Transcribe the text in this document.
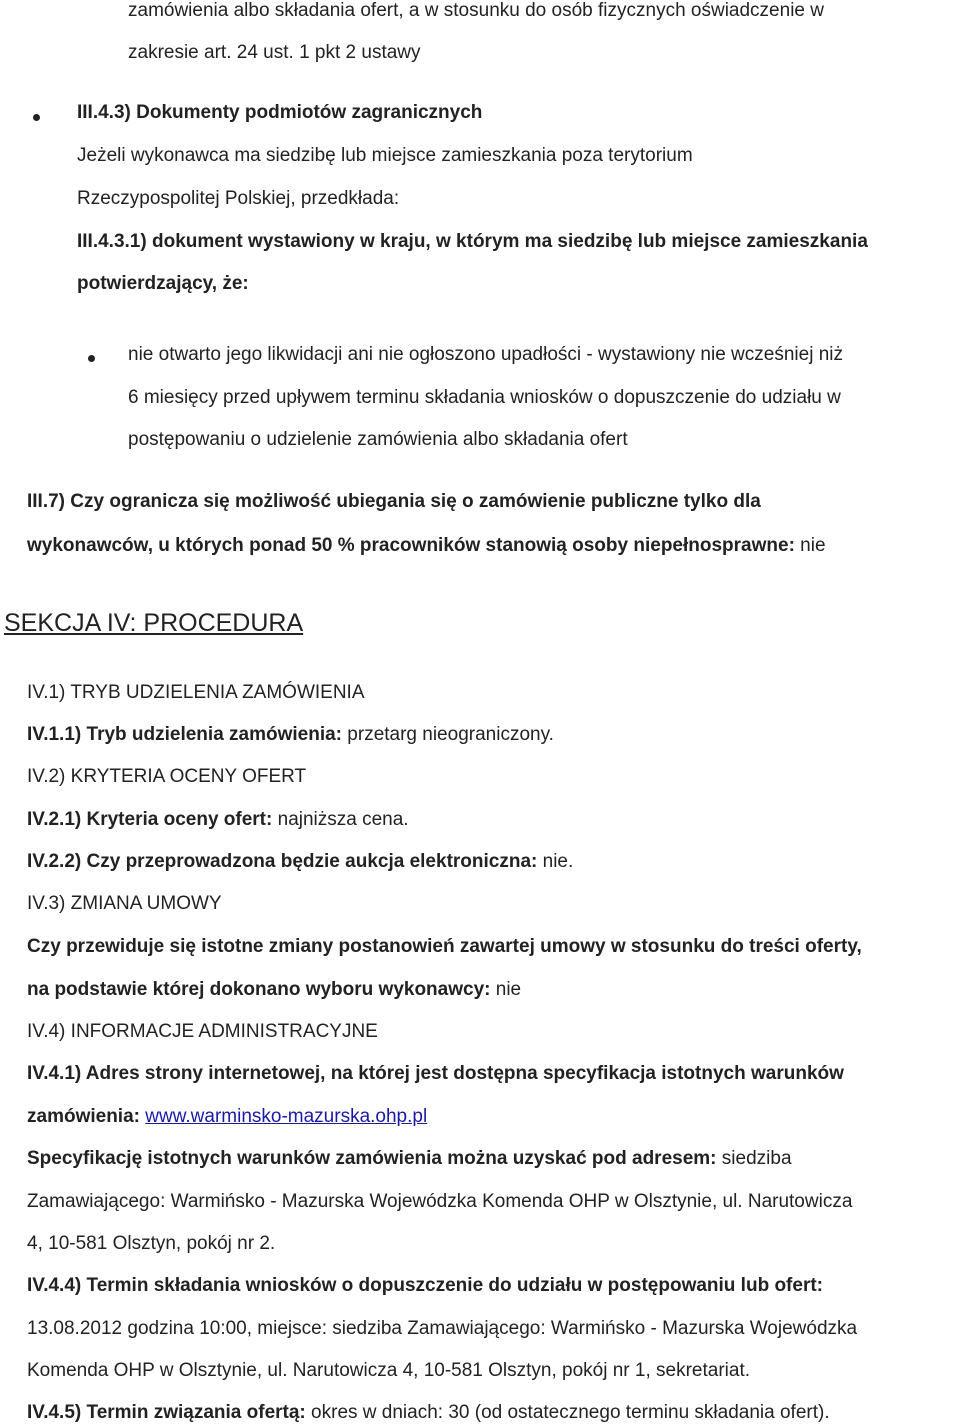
zamówienia albo składania ofert, a w stosunku do osób fizycznych oświadczenie w
zakresie art. 24 ust. 1 pkt 2 ustawy
III.4.3) Dokumenty podmiotów zagranicznych
Jeżeli wykonawca ma siedzibę lub miejsce zamieszkania poza terytorium
Rzeczypospolitej Polskiej, przedkłada:
III.4.3.1) dokument wystawiony w kraju, w którym ma siedzibę lub miejsce zamieszkania
potwierdzający, że:
nie otwarto jego likwidacji ani nie ogłoszono upadłości - wystawiony nie wcześniej niż
6 miesięcy przed upływem terminu składania wniosków o dopuszczenie do udziału w
postępowaniu o udzielenie zamówienia albo składania ofert
III.7) Czy ogranicza się możliwość ubiegania się o zamówienie publiczne tylko dla
wykonawców, u których ponad 50 % pracowników stanowią osoby niepełnosprawne: nie
SEKCJA IV: PROCEDURA
IV.1) TRYB UDZIELENIA ZAMÓWIENIA
IV.1.1) Tryb udzielenia zamówienia: przetarg nieograniczony.
IV.2) KRYTERIA OCENY OFERT
IV.2.1) Kryteria oceny ofert: najniższa cena.
IV.2.2) Czy przeprowadzona będzie aukcja elektroniczna: nie.
IV.3) ZMIANA UMOWY
Czy przewiduje się istotne zmiany postanowień zawartej umowy w stosunku do treści oferty,
na podstawie której dokonano wyboru wykonawcy: nie
IV.4) INFORMACJE ADMINISTRACYJNE
IV.4.1) Adres strony internetowej, na której jest dostępna specyfikacja istotnych warunków
zamówienia: www.warminsko-mazurska.ohp.pl
Specyfikację istotnych warunków zamówienia można uzyskać pod adresem: siedziba
Zamawiającego: Warmińsko - Mazurska Wojewódzka Komenda OHP w Olsztynie, ul. Narutowicza
4, 10-581 Olsztyn, pokój nr 2.
IV.4.4) Termin składania wniosków o dopuszczenie do udziału w postępowaniu lub ofert:
13.08.2012 godzina 10:00, miejsce: siedziba Zamawiającego: Warmińsko - Mazurska Wojewódzka
Komenda OHP w Olsztynie, ul. Narutowicza 4, 10-581 Olsztyn, pokój nr 1, sekretariat.
IV.4.5) Termin związania ofertą: okres w dniach: 30 (od ostatecznego terminu składania ofert).
